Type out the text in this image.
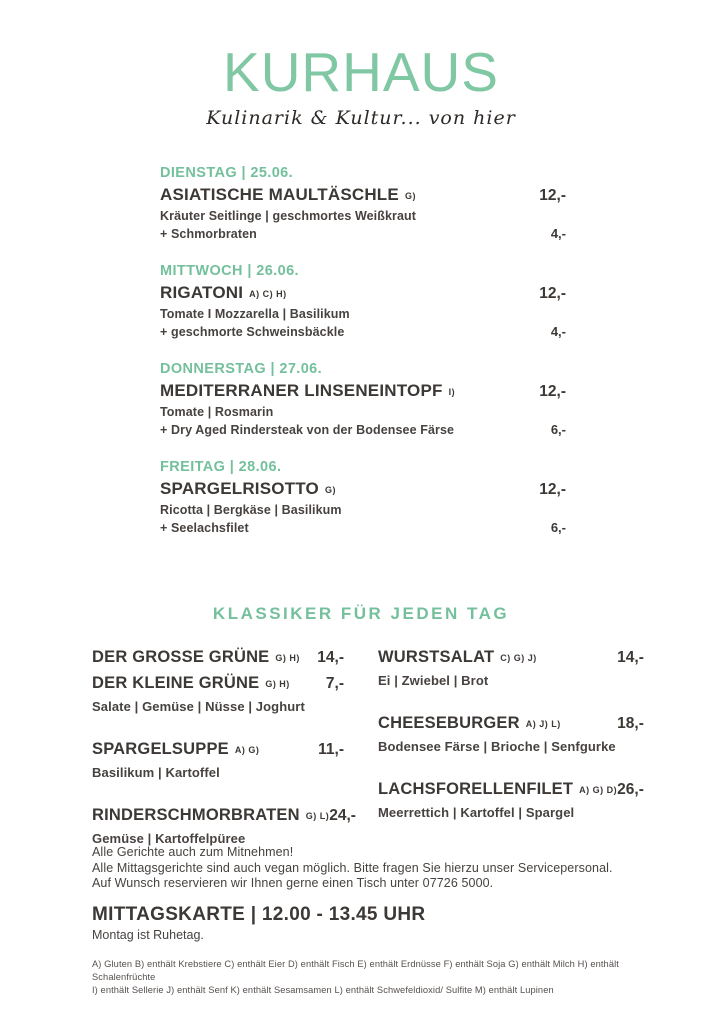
KURHAUS
Kulinarik & Kultur... von hier
DIENSTAG | 25.06.
ASIATISCHE MAULTÄSCHLE G)	12,-
Kräuter Seitlinge | geschmortes Weißkraut
+ Schmorbraten	4,-
MITTWOCH | 26.06.
RIGATONI A) C) H)	12,-
Tomate I Mozzarella | Basilikum
+ geschmorte Schweinsbäckle	4,-
DONNERSTAG | 27.06.
MEDITERRANER LINSENEINTOPF I)	12,-
Tomate | Rosmarin
+ Dry Aged Rindersteak von der Bodensee Färse	6,-
FREITAG | 28.06.
SPARGELRISOTTO G)	12,-
Ricotta | Bergkäse | Basilikum
+ Seelachsfilet	6,-
KLASSIKER FÜR JEDEN TAG
DER GROSSE GRÜNE G) H) 14,-
DER KLEINE GRÜNE G) H) 7,-
Salate | Gemüse | Nüsse | Joghurt
SPARGELSUPPE A) G)	11,-
Basilikum | Kartoffel
RINDERSCHMORBRATEN G) L) 24,-
Gemüse | Kartoffelpüree
WURSTSALAT C) G) J)	14,-
Ei | Zwiebel | Brot
CHEESEBURGER A) J) L)	18,-
Bodensee Färse | Brioche | Senfgurke
LACHSFORELLENFILET A) G) D) 26,-
Meerrettich | Kartoffel | Spargel
Alle Gerichte auch zum Mitnehmen!
Alle Mittagsgerichte sind auch vegan möglich. Bitte fragen Sie hierzu unser Servicepersonal.
Auf Wunsch reservieren wir Ihnen gerne einen Tisch unter 07726 5000.
MITTAGSKARTE | 12.00 - 13.45 UHR
Montag ist Ruhetag.
A) Gluten B) enthält Krebstiere C) enthält Eier D) enthält Fisch E) enthält Erdnüsse F) enthält Soja G) enthält Milch H) enthält Schalenfrüchte
I) enthält Sellerie J) enthält Senf K) enthält Sesamsamen L) enthält Schwefeldioxid/ Sulfite M) enthält Lupinen
